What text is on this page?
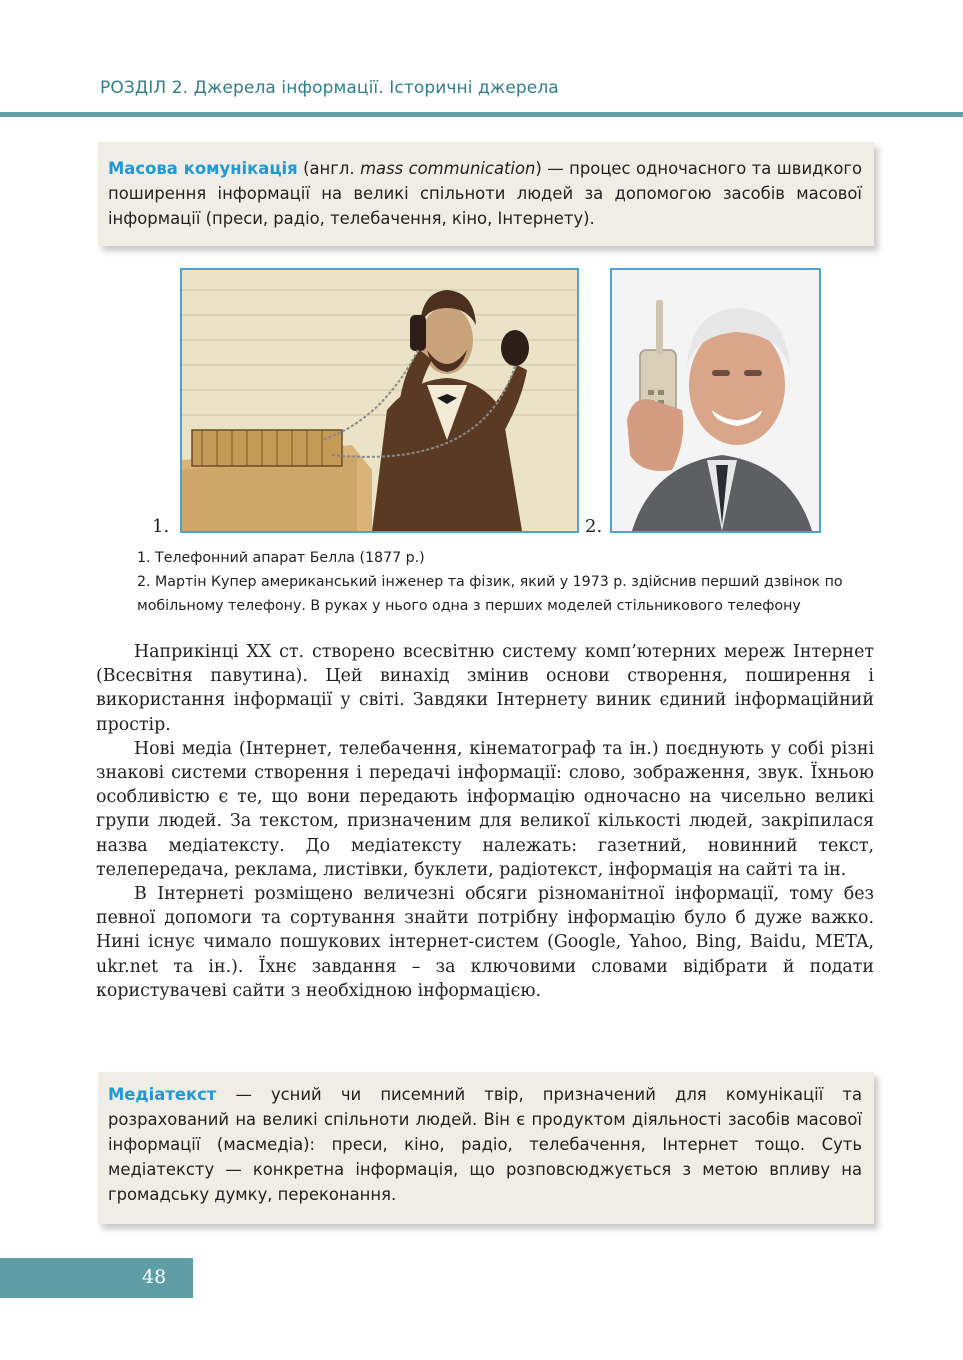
РОЗДІЛ 2. Джерела інформації. Історичні джерела
Масова комунікація (англ. mass communication) — процес одночасного та швидкого поширення інформації на великі спільноти людей за допомогою засобів масової інформації (преси, радіо, телебачення, кіно, Інтернету).
1.	2.
1. Телефонний апарат Белла (1877 р.)
2. Мартін Купер американський інженер та фізик, який у 1973 р. здійснив перший дзвінок по мобільному телефону. В руках у нього одна з перших моделей стільникового телефону

Наприкінці XX ст. створено всесвітню систему комп’ютерних мереж Інтернет (Всесвітня павутина). Цей винахід змінив основи створення, поширення і використання інформації у світі. Завдяки Інтернету виник єдиний інформаційний простір.

Нові медіа (Інтернет, телебачення, кінематограф та ін.) поєднують у собі різні знакові системи створення і передачі інформації: слово, зображення, звук. Їхньою особливістю є те, що вони передають інформацію одночасно на чисельно великі групи людей. За текстом, призначеним для великої кількості людей, закріпилася назва медіатексту. До медіатексту належать: газетний, новинний текст, телепередача, реклама, листівки, буклети, радіотекст, інформація на сайті та ін.

В Інтернеті розміщено величезні обсяги різноманітної інформації, тому без певної допомоги та сортування знайти потрібну інформацію було б дуже важко. Нині існує чимало пошукових інтернет-систем (Google, Yahoo, Bing, Baidu, META, ukr.net та ін.). Їхнє завдання – за ключовими словами відібрати й подати користувачеві сайти з необхідною інформацією.

Медіатекст — усний чи писемний твір, призначений для комунікації та розрахований на великі спільноти людей. Він є продуктом діяльності засобів масової інформації (масмедіа): преси, кіно, радіо, телебачення, Інтернет тощо. Суть медіатексту — конкретна інформація, що розповсюджується з метою впливу на громадську думку, переконання.
48
